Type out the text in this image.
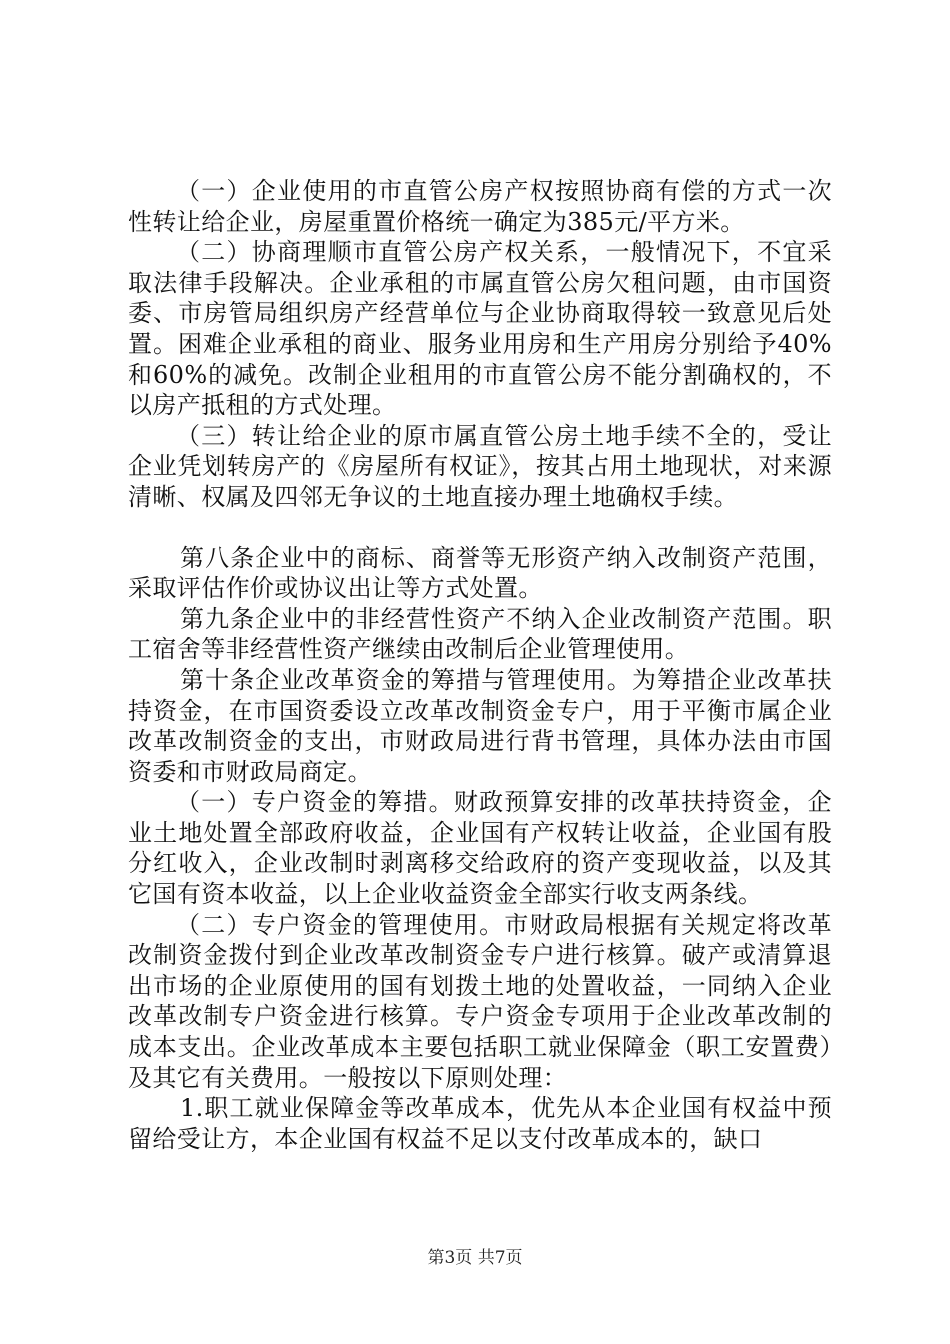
（一）企业使用的市直管公房产权按照协商有偿的方式一次性转让给企业，房屋重置价格统一确定为385元/平方米。

（二）协商理顺市直管公房产权关系，一般情况下，不宜采取法律手段解决。企业承租的市属直管公房欠租问题，由市国资委、市房管局组织房产经营单位与企业协商取得较一致意见后处置。困难企业承租的商业、服务业用房和生产用房分别给予40%和60%的减免。改制企业租用的市直管公房不能分割确权的，不以房产抵租的方式处理。

（三）转让给企业的原市属直管公房土地手续不全的，受让企业凭划转房产的《房屋所有权证》，按其占用土地现状，对来源清晰、权属及四邻无争议的土地直接办理土地确权手续。

第八条企业中的商标、商誉等无形资产纳入改制资产范围，采取评估作价或协议出让等方式处置。

第九条企业中的非经营性资产不纳入企业改制资产范围。职工宿舍等非经营性资产继续由改制后企业管理使用。

第十条企业改革资金的筹措与管理使用。为筹措企业改革扶持资金，在市国资委设立改革改制资金专户，用于平衡市属企业改革改制资金的支出，市财政局进行背书管理，具体办法由市国资委和市财政局商定。

（一）专户资金的筹措。财政预算安排的改革扶持资金，企业土地处置全部政府收益，企业国有产权转让收益，企业国有股分红收入，企业改制时剥离移交给政府的资产变现收益，以及其它国有资本收益，以上企业收益资金全部实行收支两条线。

（二）专户资金的管理使用。市财政局根据有关规定将改革改制资金拨付到企业改革改制资金专户进行核算。破产或清算退出市场的企业原使用的国有划拨土地的处置收益，一同纳入企业改革改制专户资金进行核算。专户资金专项用于企业改革改制的成本支出。企业改革成本主要包括职工就业保障金（职工安置费）及其它有关费用。一般按以下原则处理：

1.职工就业保障金等改革成本，优先从本企业国有权益中预留给受让方，本企业国有权益不足以支付改革成本的，缺口

第3页 共7页
